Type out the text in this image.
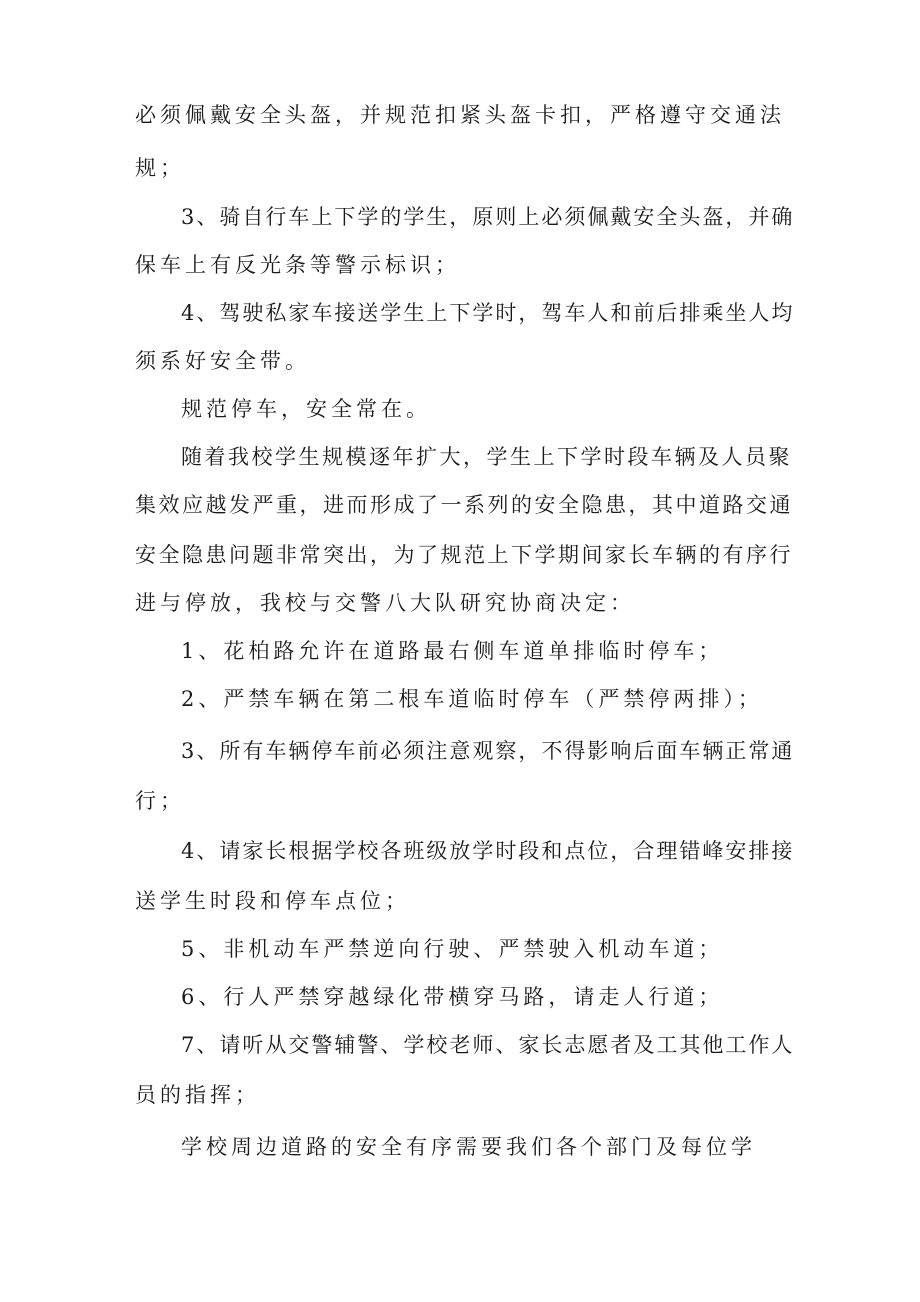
必须佩戴安全头盔，并规范扣紧头盔卡扣，严格遵守交通法
规；
3、骑自行车上下学的学生，原则上必须佩戴安全头盔，并确
保车上有反光条等警示标识；
4、驾驶私家车接送学生上下学时，驾车人和前后排乘坐人均
须系好安全带。
规范停车，安全常在。
随着我校学生规模逐年扩大，学生上下学时段车辆及人员聚
集效应越发严重，进而形成了一系列的安全隐患，其中道路交通
安全隐患问题非常突出，为了规范上下学期间家长车辆的有序行
进与停放，我校与交警八大队研究协商决定：
1、花柏路允许在道路最右侧车道单排临时停车；
2、严禁车辆在第二根车道临时停车（严禁停两排）；
3、所有车辆停车前必须注意观察，不得影响后面车辆正常通
行；
4、请家长根据学校各班级放学时段和点位，合理错峰安排接
送学生时段和停车点位；
5、非机动车严禁逆向行驶、严禁驶入机动车道；
6、行人严禁穿越绿化带横穿马路，请走人行道；
7、请听从交警辅警、学校老师、家长志愿者及工其他工作人
员的指挥；
学校周边道路的安全有序需要我们各个部门及每位学
